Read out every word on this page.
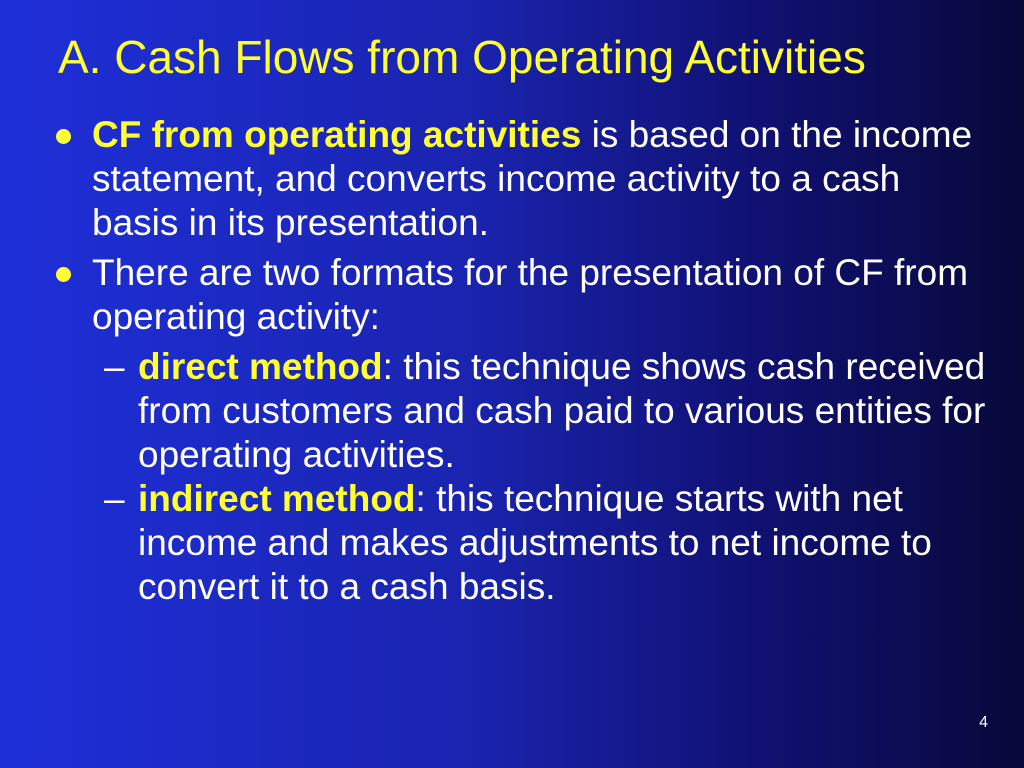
A. Cash Flows from Operating Activities
CF from operating activities is based on the income statement, and converts income activity to a cash basis in its presentation.
There are two formats for the presentation of CF from operating activity:
– direct method: this technique shows cash received from customers and cash paid to various entities for operating activities.
– indirect method: this technique starts with net income and makes adjustments to net income to convert it to a cash basis.
4
